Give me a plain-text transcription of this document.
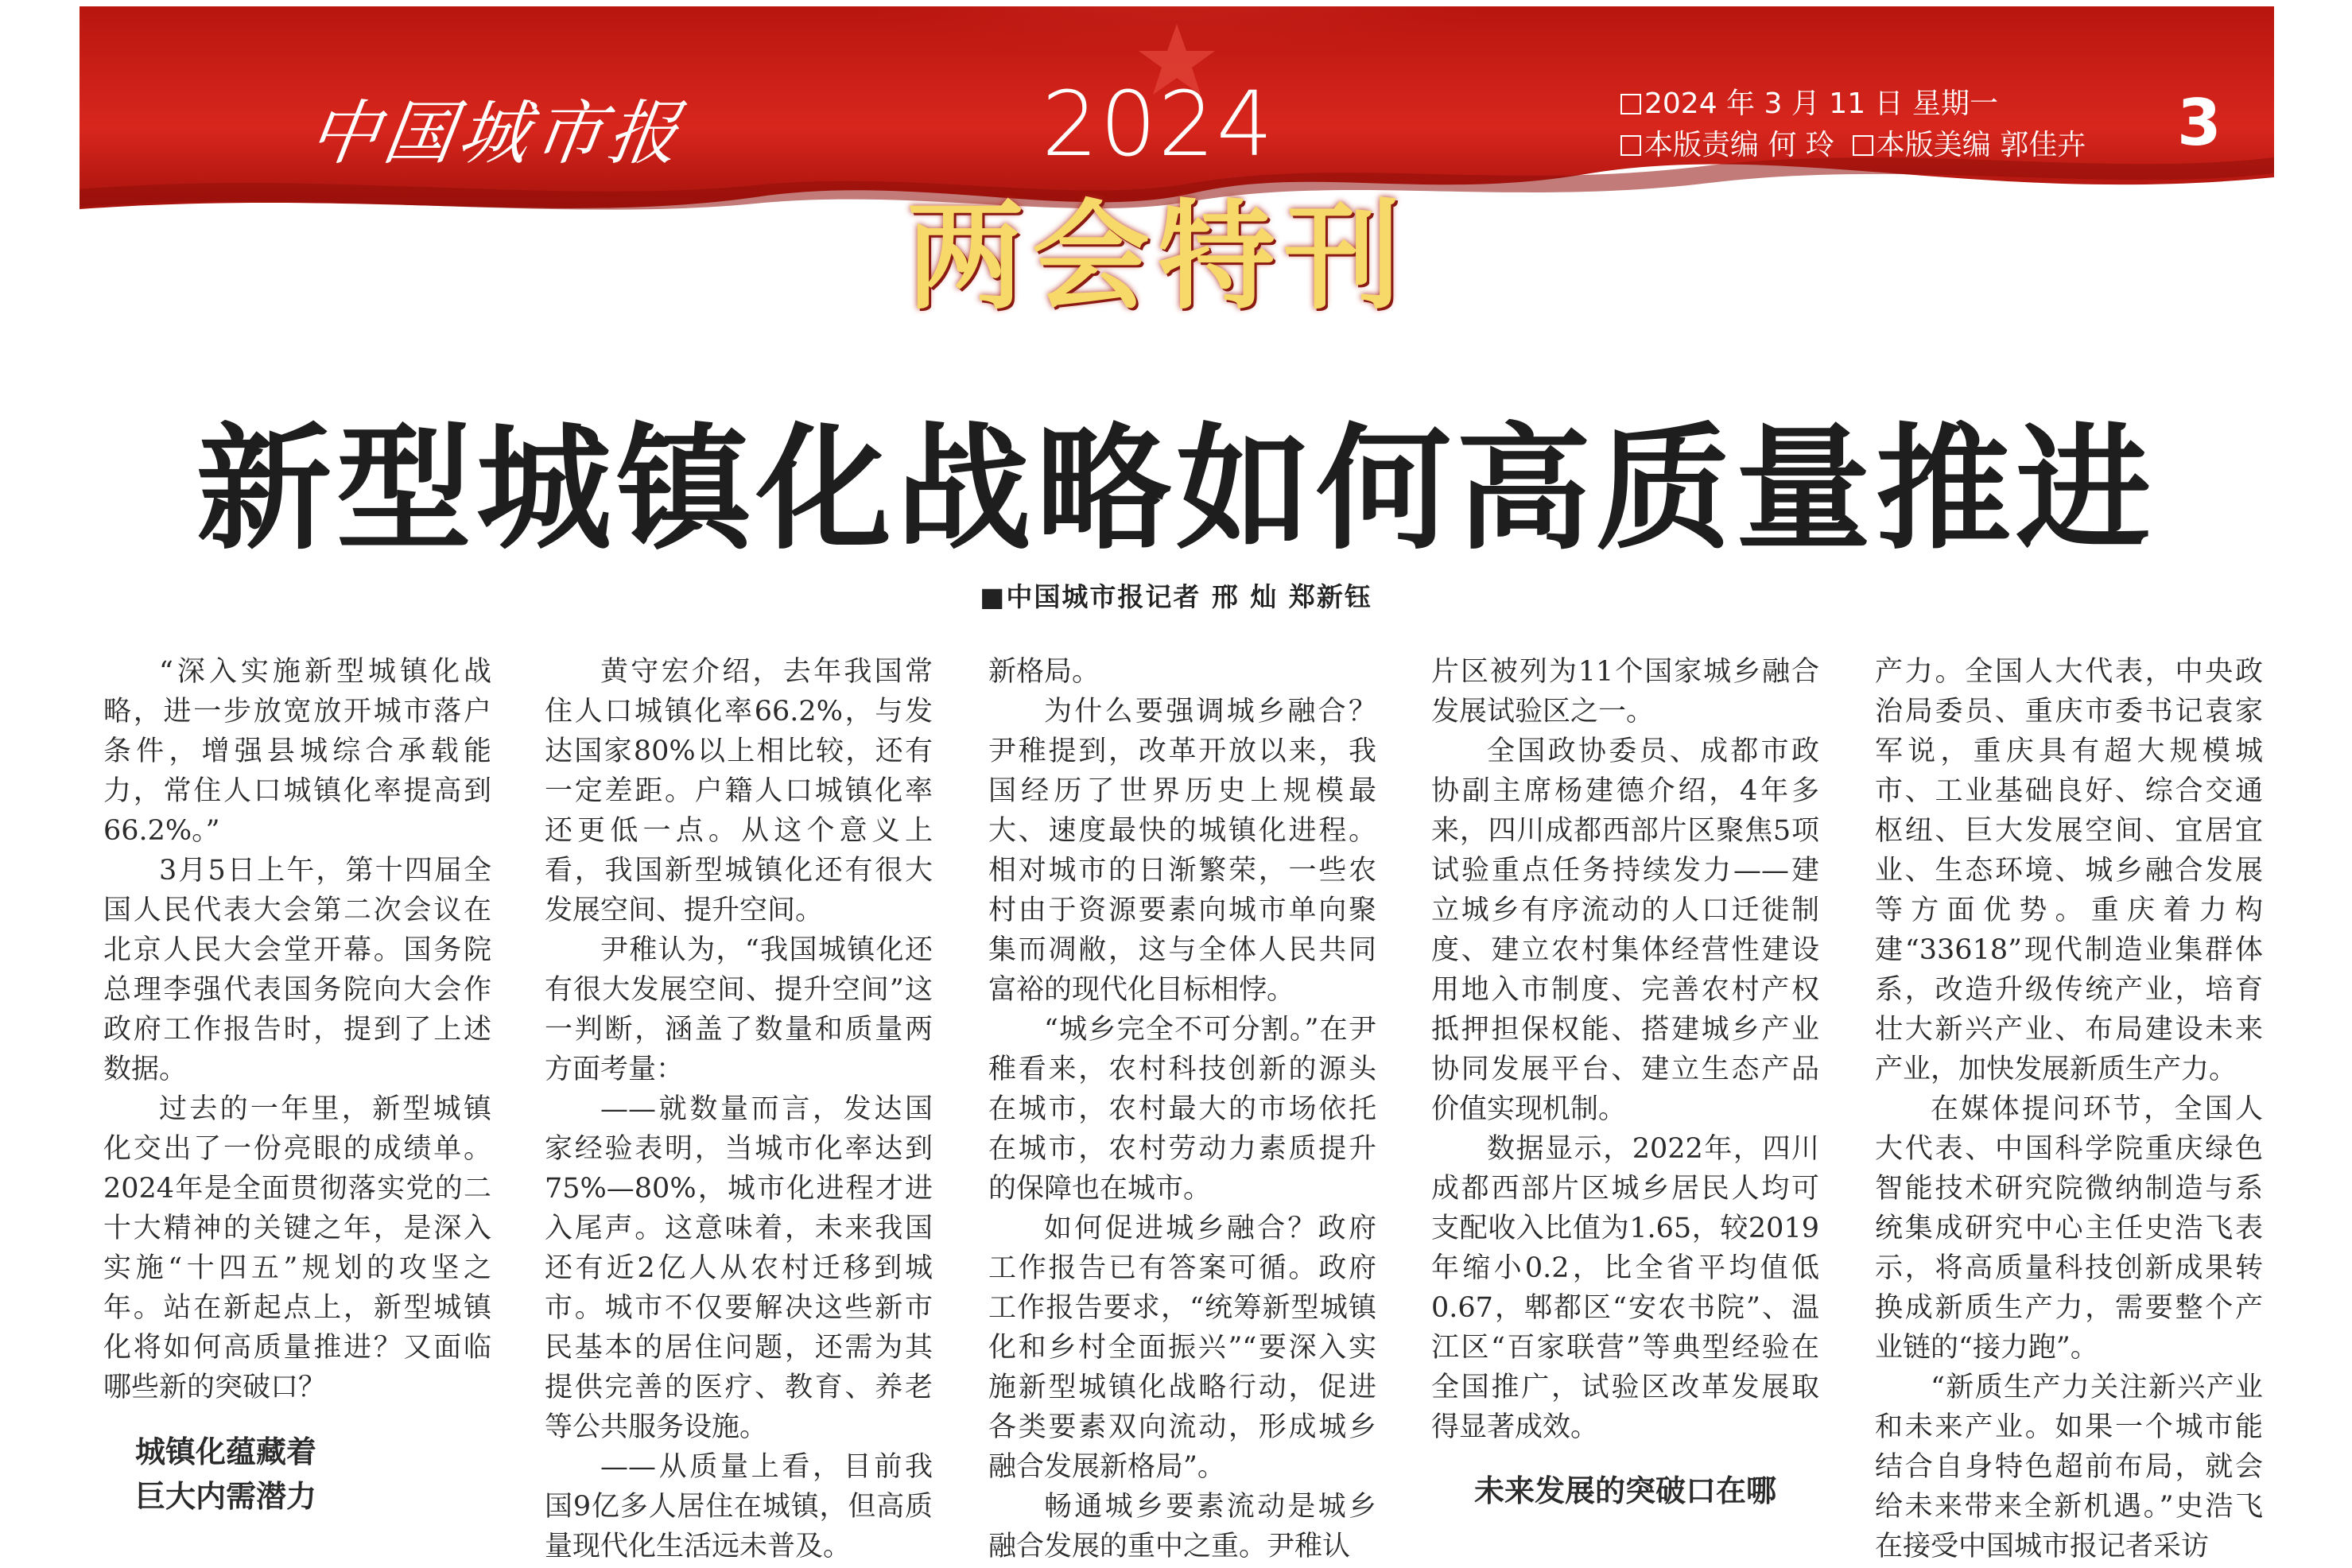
中国城市报	2024
两会特刊
2024 年 3 月 11 日 星期一
本版责编 何 玲 本版美编 郭佳卉 3
新型城镇化战略如何高质量推进
■中国城市报记者 邢 灿 郑新钰

“深入实施新型城镇化战略，进一步放宽放开城市落户条件，增强县城综合承载能力，常住人口城镇化率提高到66.2%。”

3月5日上午，第十四届全国人民代表大会第二次会议在北京人民大会堂开幕。国务院总理李强代表国务院向大会作政府工作报告时，提到了上述数据。

过去的一年里，新型城镇化交出了一份亮眼的成绩单。2024年是全面贯彻落实党的二十大精神的关键之年，是深入实施“十四五”规划的攻坚之年。站在新起点上，新型城镇化将如何高质量推进？又面临哪些新的突破口？

城镇化蕴藏着
巨大内需潜力

黄守宏介绍，去年我国常住人口城镇化率66.2%，与发达国家80%以上相比较，还有一定差距。户籍人口城镇化率还更低一点。从这个意义上看，我国新型城镇化还有很大发展空间、提升空间。

尹稚认为，“我国城镇化还有很大发展空间、提升空间”这一判断，涵盖了数量和质量两方面考量：

——就数量而言，发达国家经验表明，当城市化率达到75%—80%，城市化进程才进入尾声。这意味着，未来我国还有近2亿人从农村迁移到城市。城市不仅要解决这些新市民基本的居住问题，还需为其提供完善的医疗、教育、养老等公共服务设施。

——从质量上看，目前我国9亿多人居住在城镇，但高质量现代化生活远未普及。

新格局。

为什么要强调城乡融合？尹稚提到，改革开放以来，我国经历了世界历史上规模最大、速度最快的城镇化进程。相对城市的日渐繁荣，一些农村由于资源要素向城市单向聚集而凋敝，这与全体人民共同富裕的现代化目标相悖。

“城乡完全不可分割。”在尹稚看来，农村科技创新的源头在城市，农村最大的市场依托在城市，农村劳动力素质提升的保障也在城市。

如何促进城乡融合？政府工作报告已有答案可循。政府工作报告要求，“统筹新型城镇化和乡村全面振兴”“要深入实施新型城镇化战略行动，促进各类要素双向流动，形成城乡融合发展新格局”。

畅通城乡要素流动是城乡融合发展的重中之重。尹稚认

片区被列为11个国家城乡融合发展试验区之一。

全国政协委员、成都市政协副主席杨建德介绍，4年多来，四川成都西部片区聚焦5项试验重点任务持续发力——建立城乡有序流动的人口迁徙制度、建立农村集体经营性建设用地入市制度、完善农村产权抵押担保权能、搭建城乡产业协同发展平台、建立生态产品价值实现机制。

数据显示，2022年，四川成都西部片区城乡居民人均可支配收入比值为1.65，较2019年缩小0.2，比全省平均值低0.67，郫都区“安农书院”、温江区“百家联营”等典型经验在全国推广，试验区改革发展取得显著成效。

未来发展的突破口在哪

产力。全国人大代表，中央政治局委员、重庆市委书记袁家军说，重庆具有超大规模城市、工业基础良好、综合交通枢纽、巨大发展空间、宜居宜业、生态环境、城乡融合发展等方面优势。重庆着力构建“33618”现代制造业集群体系，改造升级传统产业，培育壮大新兴产业、布局建设未来产业，加快发展新质生产力。

在媒体提问环节，全国人大代表、中国科学院重庆绿色智能技术研究院微纳制造与系统集成研究中心主任史浩飞表示，将高质量科技创新成果转换成新质生产力，需要整个产业链的“接力跑”。

“新质生产力关注新兴产业和未来产业。如果一个城市能结合自身特色超前布局，就会给未来带来全新机遇。”史浩飞在接受中国城市报记者采访
